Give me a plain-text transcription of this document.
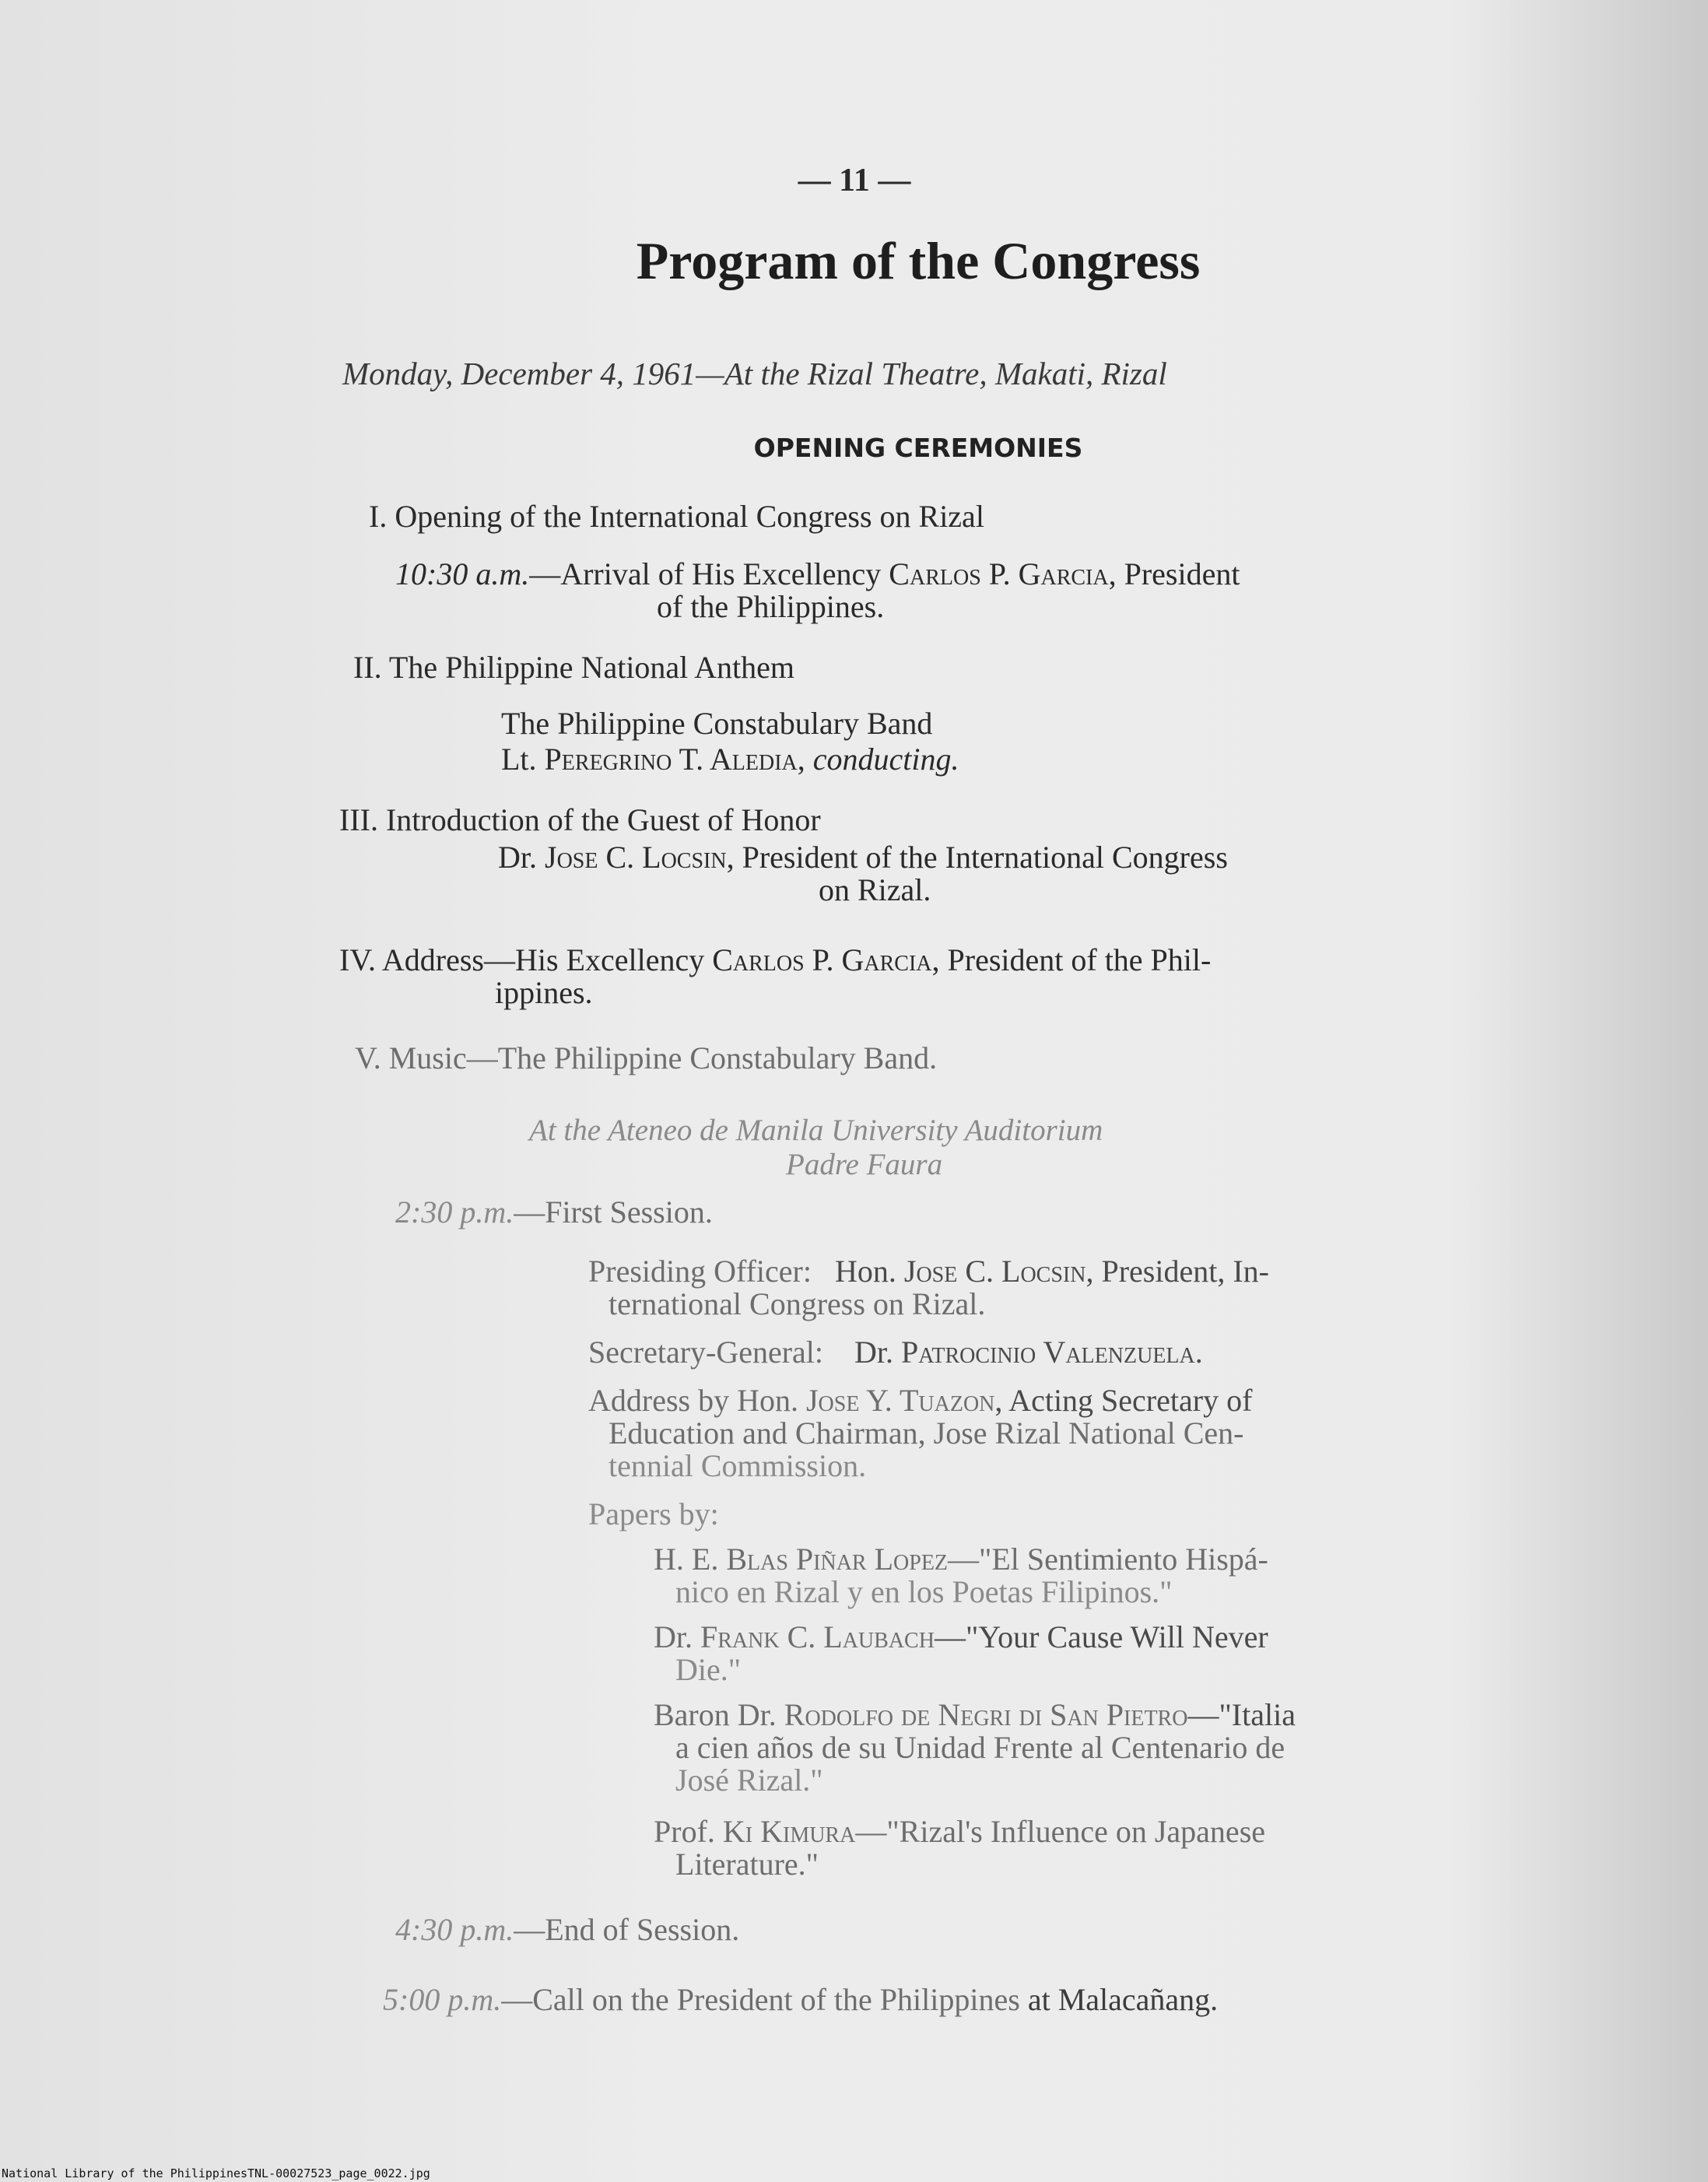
— 11 —
Program of the Congress
Monday, December 4, 1961—At the Rizal Theatre, Makati, Rizal
OPENING CEREMONIES
I. Opening of the International Congress on Rizal
10:30 a.m.—Arrival of His Excellency Carlos P. Garcia, President
of the Philippines.
II. The Philippine National Anthem
The Philippine Constabulary Band
Lt. Peregrino T. Aledia, conducting.
III. Introduction of the Guest of Honor
Dr. Jose C. Locsin, President of the International Congress
on Rizal.
IV. Address—His Excellency Carlos P. Garcia, President of the Phil-
ippines.
V. Music—The Philippine Constabulary Band.
At the Ateneo de Manila University Auditorium
Padre Faura
2:30 p.m.—First Session.
Presiding Officer: Hon. Jose C. Locsin, President, In-
ternational Congress on Rizal.
Secretary-General: Dr. Patrocinio Valenzuela.
Address by Hon. Jose Y. Tuazon, Acting Secretary of
Education and Chairman, Jose Rizal National Cen-
tennial Commission.
Papers by:
H. E. Blas Piñar Lopez—"El Sentimiento Hispá-
nico en Rizal y en los Poetas Filipinos."
Dr. Frank C. Laubach—"Your Cause Will Never
Die."
Baron Dr. Rodolfo de Negri di San Pietro—"Italia
a cien años de su Unidad Frente al Centenario de
José Rizal."
Prof. Ki Kimura—"Rizal's Influence on Japanese
Literature."
4:30 p.m.—End of Session.
5:00 p.m.—Call on the President of the Philippines at Malacañang.
National Library of the Philippines TNL-00027523_page_0022.jpg
